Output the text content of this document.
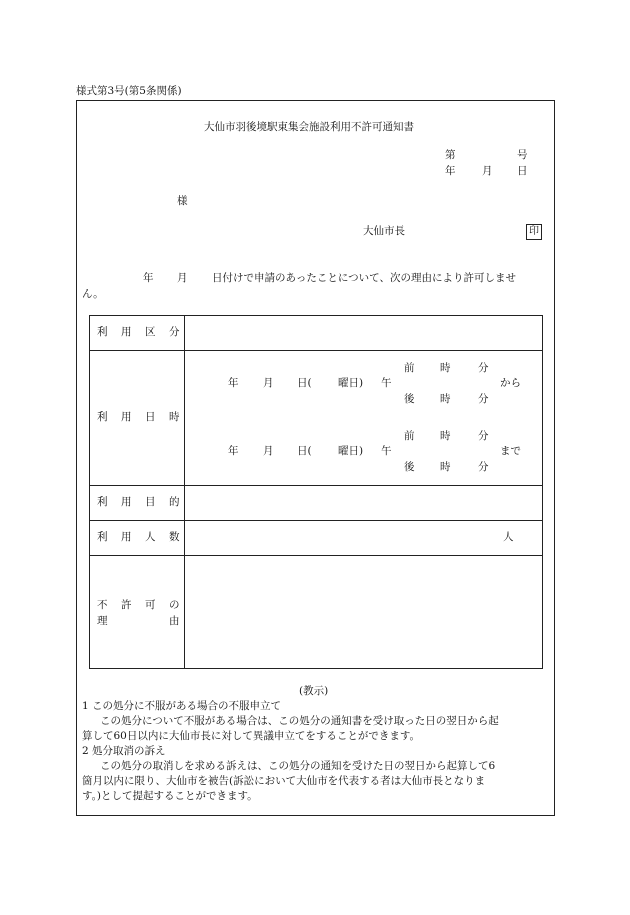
様式第3号(第5条関係)
大仙市羽後境駅東集会施設利用不許可通知書
第	号
年	月 日
様
大仙市長	印
年 月 日付けで申請のあったことについて、次の理由により許可しませ
ん。
利 用 区 分
利 用 日 時
前 時	分
年 月 日(	曜日) 午	から
後 時	分
前 時	分
年 月 日(	曜日) 午	まで
後 時	分
利 用 目 的
利 用 人 数	人
不 許 可 の
理	由
(教示)
1 この処分に不服がある場合の不服申立て
この処分について不服がある場合は、この処分の通知書を受け取った日の翌日から起
算して60日以内に大仙市長に対して異議申立てをすることができます。
2 処分取消の訴え
この処分の取消しを求める訴えは、この処分の通知を受けた日の翌日から起算して6
箇月以内に限り、大仙市を被告(訴訟において大仙市を代表する者は大仙市長となりま
す。)として提起することができます。
